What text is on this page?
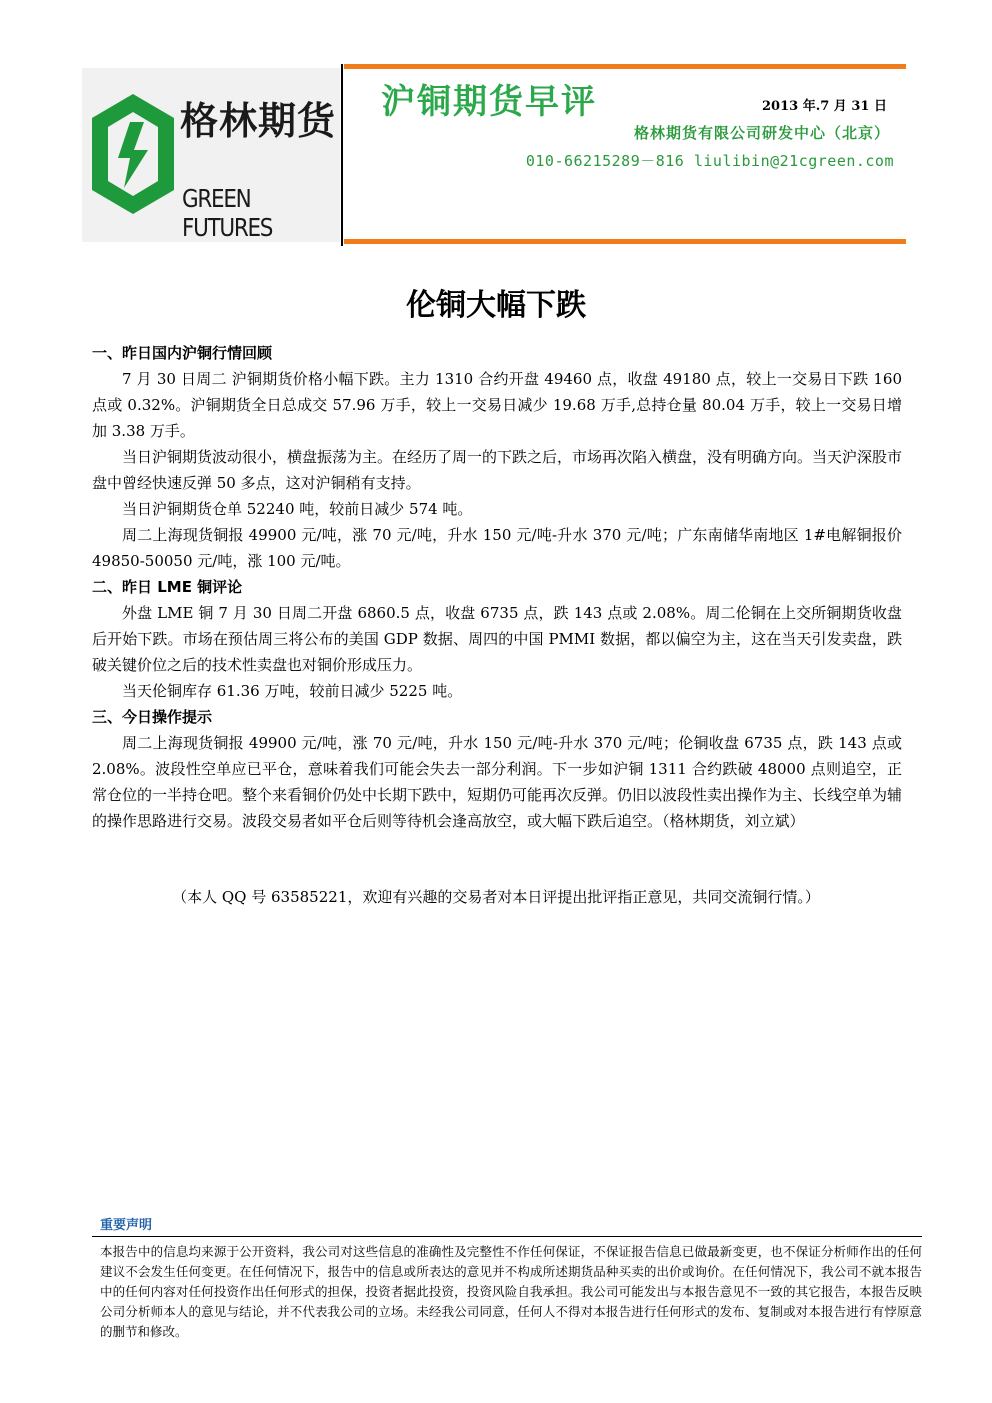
格林期货
GREEN FUTURES
沪铜期货早评	2013 年.7 月 31 日
格林期货有限公司研发中心（北京）
010-66215289－816 liulibin@21cgreen.com
伦铜大幅下跌

一、昨日国内沪铜行情回顾

7 月 30 日周二 沪铜期货价格小幅下跌。主力 1310 合约开盘 49460 点，收盘 49180 点，较上一交易日下跌 160 点或 0.32%。沪铜期货全日总成交 57.96 万手，较上一交易日减少 19.68 万手,总持仓量 80.04 万手，较上一交易日增加 3.38 万手。

当日沪铜期货波动很小，横盘振荡为主。在经历了周一的下跌之后，市场再次陷入横盘，没有明确方向。当天沪深股市盘中曾经快速反弹 50 多点，这对沪铜稍有支持。

当日沪铜期货仓单 52240 吨，较前日减少 574 吨。

周二上海现货铜报 49900 元/吨，涨 70 元/吨，升水 150 元/吨-升水 370 元/吨；广东南储华南地区 1#电解铜报价 49850-50050 元/吨，涨 100 元/吨。

二、昨日 LME 铜评论

外盘 LME 铜 7 月 30 日周二开盘 6860.5 点，收盘 6735 点，跌 143 点或 2.08%。周二伦铜在上交所铜期货收盘后开始下跌。市场在预估周三将公布的美国 GDP 数据、周四的中国 PMMI 数据，都以偏空为主，这在当天引发卖盘，跌破关键价位之后的技术性卖盘也对铜价形成压力。

当天伦铜库存 61.36 万吨，较前日减少 5225 吨。

三、今日操作提示

周二上海现货铜报 49900 元/吨，涨 70 元/吨，升水 150 元/吨-升水 370 元/吨；伦铜收盘 6735 点，跌 143 点或 2.08%。波段性空单应已平仓，意味着我们可能会失去一部分利润。下一步如沪铜 1311 合约跌破 48000 点则追空，正常仓位的一半持仓吧。整个来看铜价仍处中长期下跌中，短期仍可能再次反弹。仍旧以波段性卖出操作为主、长线空单为辅的操作思路进行交易。波段交易者如平仓后则等待机会逢高放空，或大幅下跌后追空。（格林期货，刘立斌）

（本人 QQ 号 63585221，欢迎有兴趣的交易者对本日评提出批评指正意见，共同交流铜行情。）
重要声明
本报告中的信息均来源于公开资料，我公司对这些信息的准确性及完整性不作任何保证，不保证报告信息已做最新变更，也不保证分析师作出的任何建议不会发生任何变更。在任何情况下，报告中的信息或所表达的意见并不构成所述期货品种买卖的出价或询价。在任何情况下，我公司不就本报告中的任何内容对任何投资作出任何形式的担保，投资者据此投资，投资风险自我承担。我公司可能发出与本报告意见不一致的其它报告，本报告反映公司分析师本人的意见与结论，并不代表我公司的立场。未经我公司同意，任何人不得对本报告进行任何形式的发布、复制或对本报告进行有悖原意的删节和修改。
